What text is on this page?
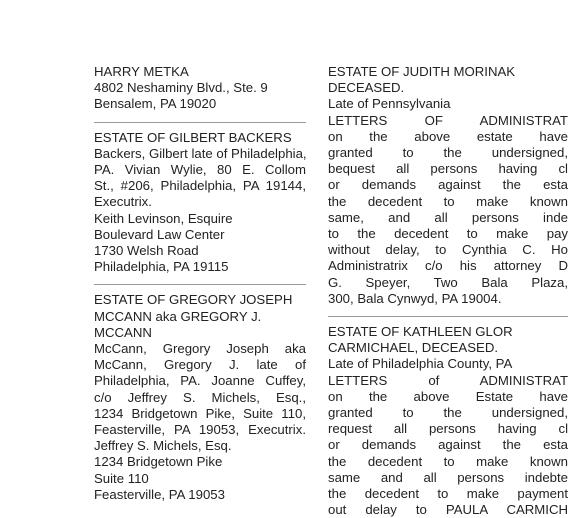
HARRY METKA
4802 Neshaminy Blvd., Ste. 9
Bensalem, PA 19020
ESTATE OF GILBERT BACKERS
Backers, Gilbert late of Philadelphia,
PA. Vivian Wylie, 80 E. Collom
St., #206, Philadelphia, PA 19144,
Executrix.
Keith Levinson, Esquire
Boulevard Law Center
1730 Welsh Road
Philadelphia, PA 19115
ESTATE OF GREGORY JOSEPH
MCCANN aka GREGORY J.
MCCANN
McCann, Gregory Joseph aka
McCann, Gregory J. late of
Philadelphia, PA. Joanne Cuffey,
c/o Jeffrey S. Michels, Esq.,
1234 Bridgetown Pike, Suite 110,
Feasterville, PA 19053, Executrix.
Jeffrey S. Michels, Esq.
1234 Bridgetown Pike
Suite 110
Feasterville, PA 19053
ESTATE OF JUDITH MORINAK
DECEASED.
Late of Pennsylvania
LETTERS OF ADMINISTRAT
on the above estate have
granted to the undersigned,
bequest all persons having cl
or demands against the esta
the decedent to make known
same, and all persons inde
to the decedent to make pay
without delay, to Cynthia C. Ho
Administratrix c/o his attorney D
G. Speyer, Two Bala Plaza,
300, Bala Cynwyd, PA 19004.
ESTATE OF KATHLEEN GLOR
CARMICHAEL, DECEASED.
Late of Philadelphia County, PA
LETTERS of ADMINISTRAT
on the above Estate have
granted to the undersigned,
request all persons having cl
or demands against the esta
the decedent to make known
same and all persons indebte
the decedent to make payment
out delay to PAULA CARMICH
